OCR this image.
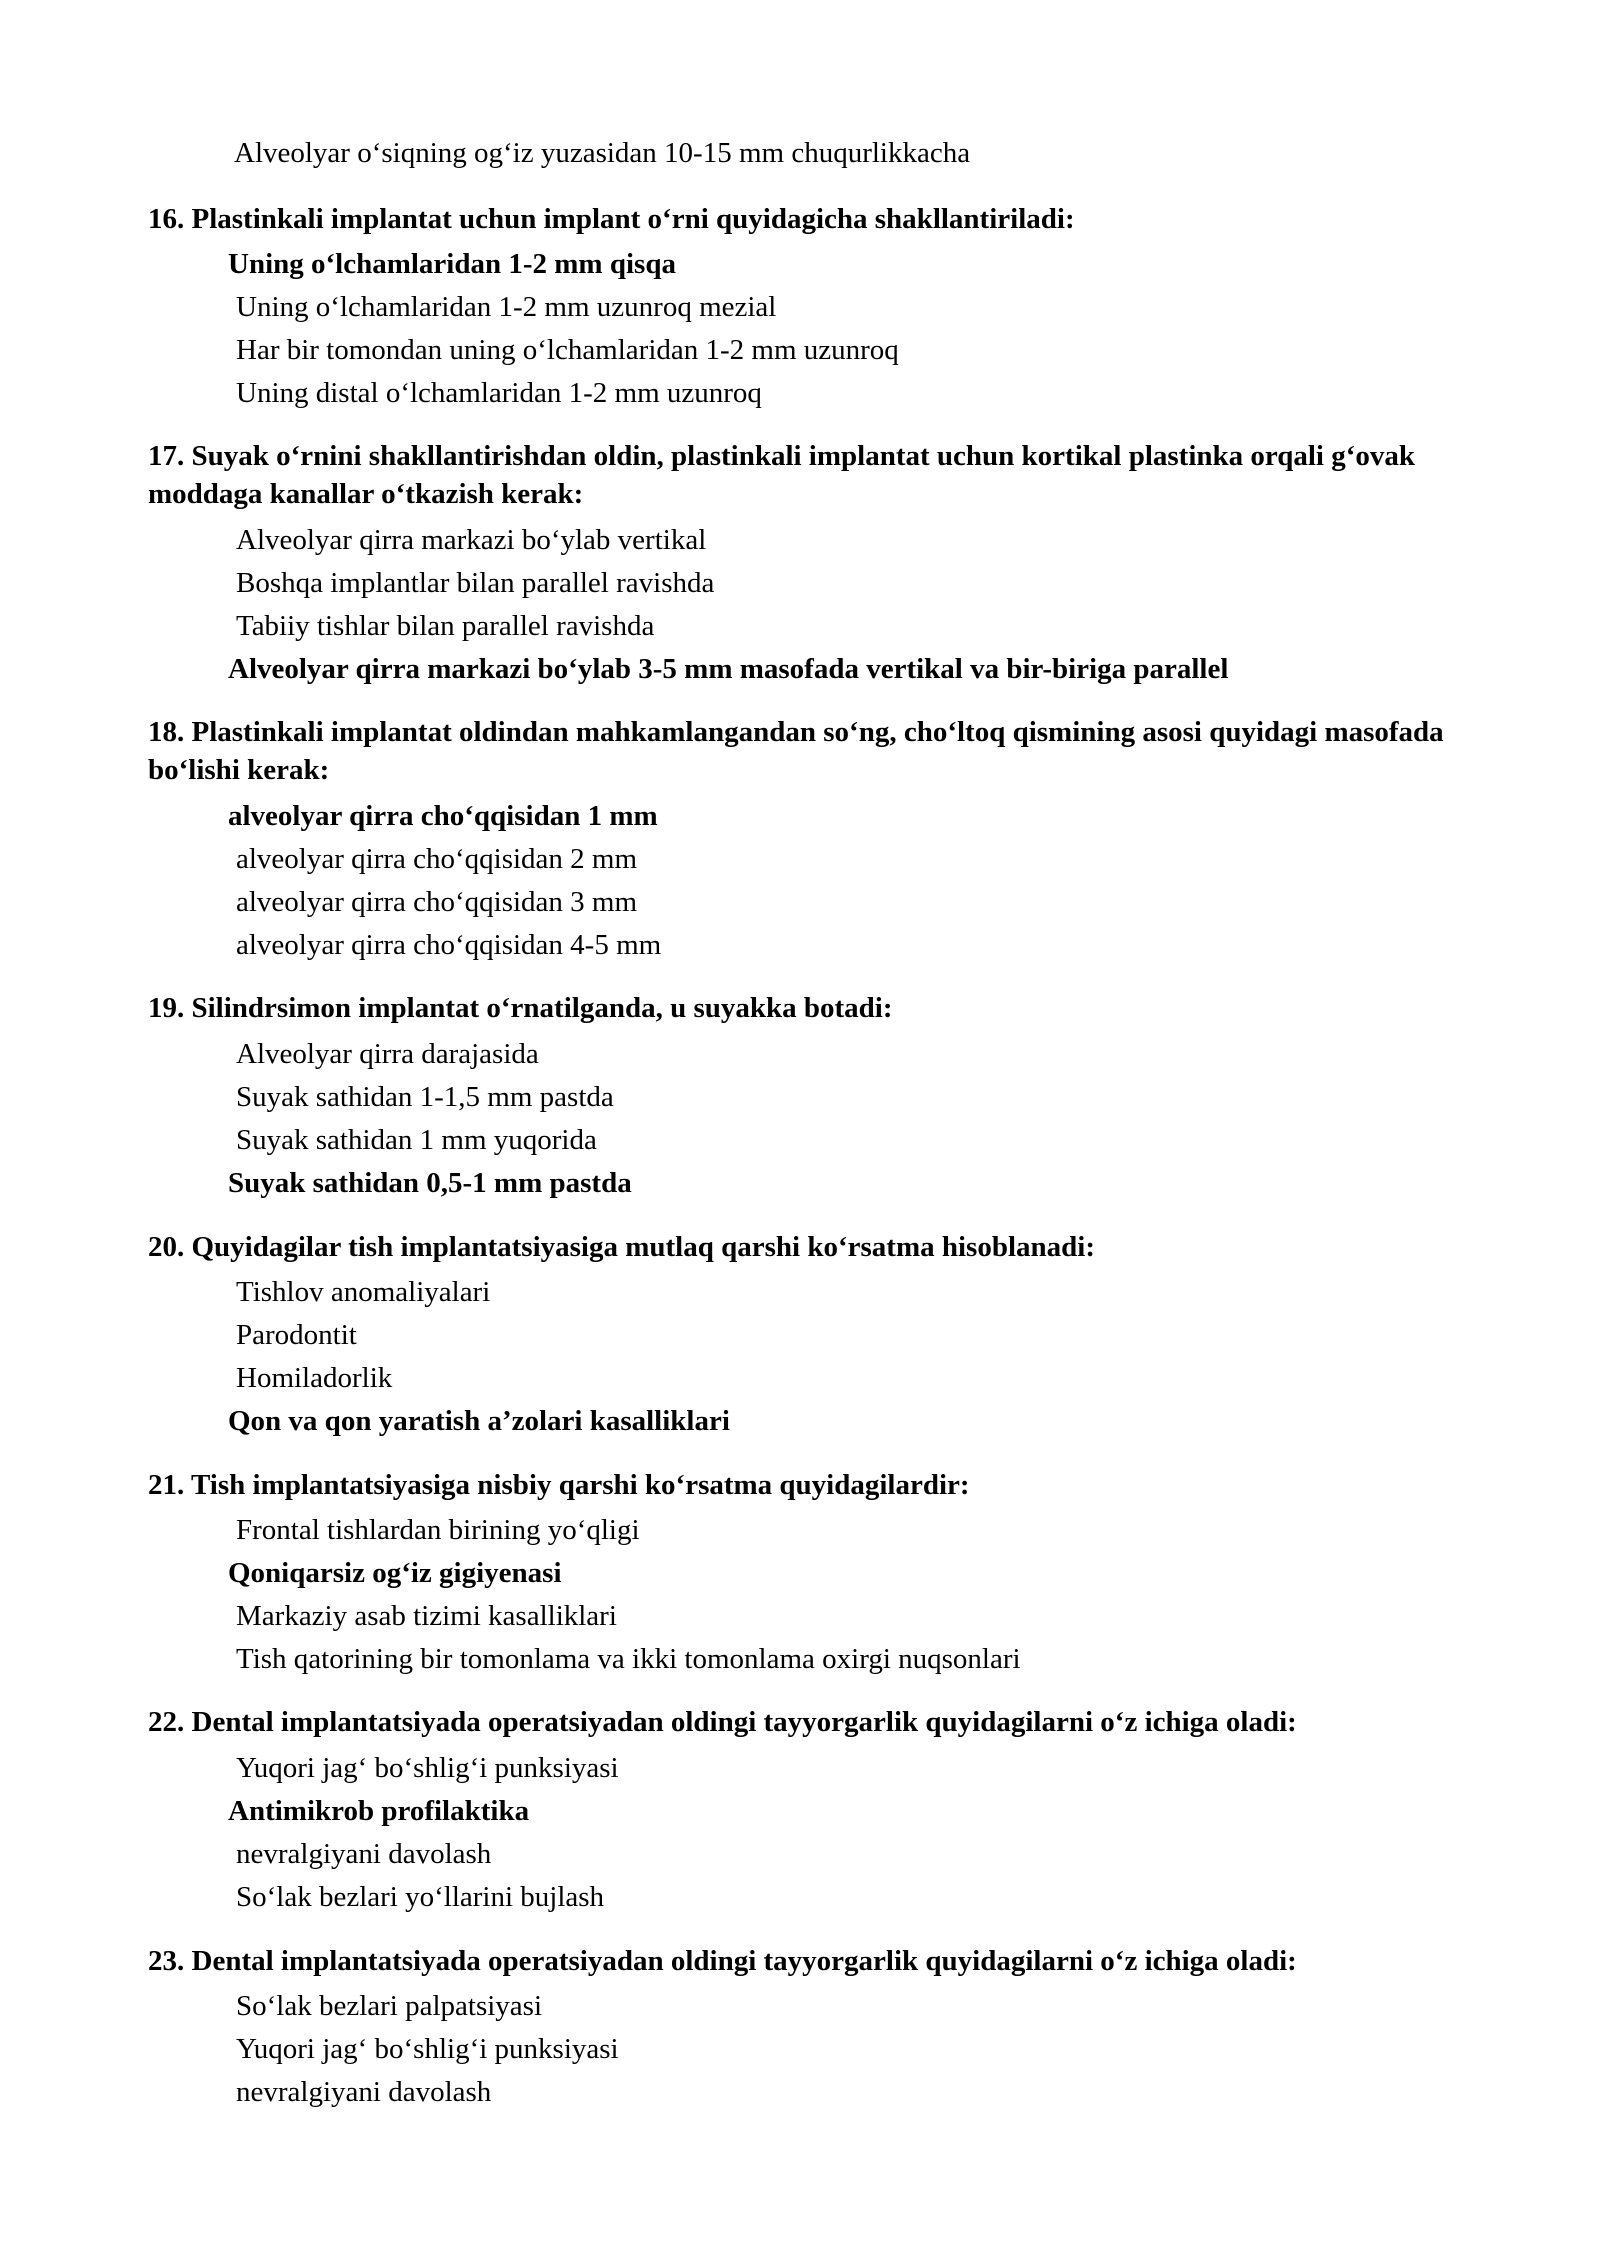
Alveolyar o‘siqning og‘iz yuzasidan 10-15 mm chuqurlikkacha
16. Plastinkali implantat uchun implant o‘rni quyidagicha shakllantiriladi:
Uning o‘lchamlaridan 1-2 mm qisqa
Uning o‘lchamlaridan 1-2 mm uzunroq mezial
Har bir tomondan uning o‘lchamlaridan 1-2 mm uzunroq
Uning distal o‘lchamlaridan 1-2 mm uzunroq
17. Suyak o‘rnini shakllantirishdan oldin, plastinkali implantat uchun kortikal plastinka orqali g‘ovak moddaga kanallar o‘tkazish kerak:
Alveolyar qirra markazi bo‘ylab vertikal
Boshqa implantlar bilan parallel ravishda
Tabiiy tishlar bilan parallel ravishda
Alveolyar qirra markazi bo‘ylab 3-5 mm masofada vertikal va bir-biriga parallel
18. Plastinkali implantat oldindan mahkamlangandan so‘ng, cho‘ltoq qismining asosi quyidagi masofada bo‘lishi kerak:
alveolyar qirra cho‘qqisidan 1 mm
alveolyar qirra cho‘qqisidan 2 mm
alveolyar qirra cho‘qqisidan 3 mm
alveolyar qirra cho‘qqisidan 4-5 mm
19. Silindrsimon implantat o‘rnatilganda, u suyakka botadi:
Alveolyar qirra darajasida
Suyak sathidan 1-1,5 mm pastda
Suyak sathidan 1 mm yuqorida
Suyak sathidan 0,5-1 mm pastda
20. Quyidagilar tish implantatsiyasiga mutlaq qarshi ko‘rsatma hisoblanadi:
Tishlov anomaliyalari
Parodontit
Homiladorlik
Qon va qon yaratish a’zolari kasalliklari
21. Tish implantatsiyasiga nisbiy qarshi ko‘rsatma quyidagilardir:
Frontal tishlardan birining yo‘qligi
Qoniqarsiz og‘iz gigiyenasi
Markaziy asab tizimi kasalliklari
Tish qatorining bir tomonlama va ikki tomonlama oxirgi nuqsonlari
22. Dental implantatsiyada operatsiyadan oldingi tayyorgarlik quyidagilarni o‘z ichiga oladi:
Yuqori jag‘ bo‘shlig‘i punksiyasi
Antimikrob profilaktika
nevralgiyani davolash
So‘lak bezlari yo‘llarini bujlash
23. Dental implantatsiyada operatsiyadan oldingi tayyorgarlik quyidagilarni o‘z ichiga oladi:
So‘lak bezlari palpatsiyasi
Yuqori jag‘ bo‘shlig‘i punksiyasi
nevralgiyani davolash
